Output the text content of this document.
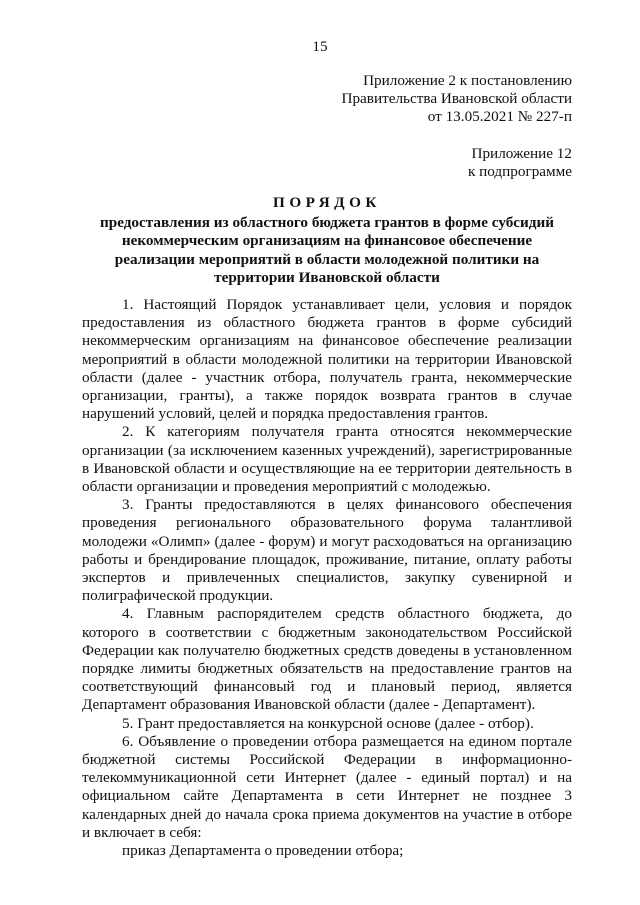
15
Приложение 2 к постановлению
Правительства Ивановской области
от 13.05.2021 № 227-п
Приложение 12
к подпрограмме
ПОРЯДОК
предоставления из областного бюджета грантов в форме субсидий некоммерческим организациям на финансовое обеспечение реализации мероприятий в области молодежной политики на территории Ивановской области

1. Настоящий Порядок устанавливает цели, условия и порядок предоставления из областного бюджета грантов в форме субсидий некоммерческим организациям на финансовое обеспечение реализации мероприятий в области молодежной политики на территории Ивановской области (далее - участник отбора, получатель гранта, некоммерческие организации, гранты), а также порядок возврата грантов в случае нарушений условий, целей и порядка предоставления грантов.

2. К категориям получателя гранта относятся некоммерческие организации (за исключением казенных учреждений), зарегистрированные в Ивановской области и осуществляющие на ее территории деятельность в области организации и проведения мероприятий с молодежью.

3. Гранты предоставляются в целях финансового обеспечения проведения регионального образовательного форума талантливой молодежи «Олимп» (далее - форум) и могут расходоваться на организацию работы и брендирование площадок, проживание, питание, оплату работы экспертов и привлеченных специалистов, закупку сувенирной и полиграфической продукции.

4. Главным распорядителем средств областного бюджета, до которого в соответствии с бюджетным законодательством Российской Федерации как получателю бюджетных средств доведены в установленном порядке лимиты бюджетных обязательств на предоставление грантов на соответствующий финансовый год и плановый период, является Департамент образования Ивановской области (далее - Департамент).

5. Грант предоставляется на конкурсной основе (далее - отбор).

6. Объявление о проведении отбора размещается на едином портале бюджетной системы Российской Федерации в информационно-телекоммуникационной сети Интернет (далее - единый портал) и на официальном сайте Департамента в сети Интернет не позднее 3 календарных дней до начала срока приема документов на участие в отборе и включает в себя:

приказ Департамента о проведении отбора;
